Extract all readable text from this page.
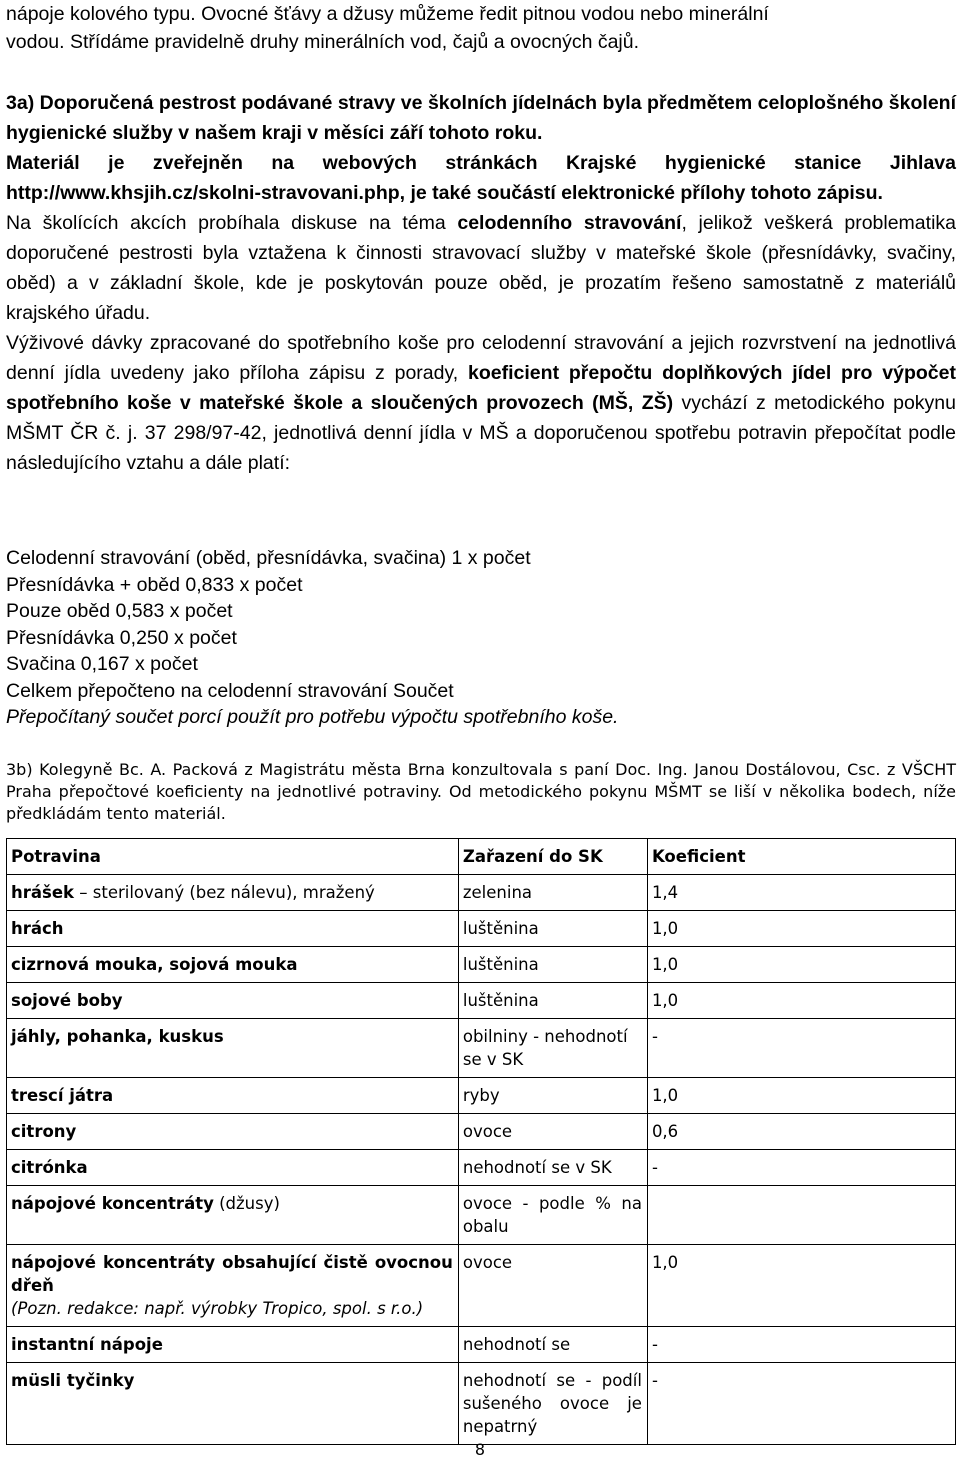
nápoje kolového typu. Ovocné šťávy a džusy můžeme ředit pitnou vodou nebo minerální

vodou. Střídáme pravidelně druhy minerálních vod, čajů a ovocných čajů.

3a) Doporučená pestrost podávané stravy ve školních jídelnách byla předmětem celoplošného školení hygienické služby v našem kraji v měsíci září tohoto roku.

Materiál je zveřejněn na webových stránkách Krajské hygienické stanice Jihlava http://www.khsjih.cz/skolni-stravovani.php, je také součástí elektronické přílohy tohoto zápisu.

Na školících akcích probíhala diskuse na téma celodenního stravování, jelikož veškerá problematika doporučené pestrosti byla vztažena k činnosti stravovací služby v mateřské škole (přesnídávky, svačiny, oběd) a v základní škole, kde je poskytován pouze oběd, je prozatím řešeno samostatně z materiálů krajského úřadu.

Výživové dávky zpracované do spotřebního koše pro celodenní stravování a jejich rozvrstvení na jednotlivá denní jídla uvedeny jako příloha zápisu z porady, koeficient přepočtu doplňkových jídel pro výpočet spotřebního koše v mateřské škole a sloučených provozech (MŠ, ZŠ) vychází z metodického pokynu MŠMT ČR č. j. 37 298/97-42, jednotlivá denní jídla v MŠ a doporučenou spotřebu potravin přepočítat podle následujícího vztahu a dále platí:

Celodenní stravování (oběd, přesnídávka, svačina) 1 x počet

Přesnídávka + oběd 0,833 x počet

Pouze oběd 0,583 x počet

Přesnídávka 0,250 x počet

Svačina 0,167 x počet

Celkem přepočteno na celodenní stravování Součet

Přepočítaný součet porcí použít pro potřebu výpočtu spotřebního koše.

3b) Kolegyně Bc. A. Packová z Magistrátu města Brna konzultovala s paní Doc. Ing. Janou Dostálovou, Csc. z VŠCHT Praha přepočtové koeficienty na jednotlivé potraviny. Od metodického pokynu MŠMT se liší v několika bodech, níže předkládám tento materiál.

Potravina	Zařazení do SK	Koeficient
hrášek – sterilovaný (bez nálevu), mražený	zelenina	1,4
hrách	luštěnina	1,0
cizrnová mouka, sojová mouka	luštěnina	1,0
sojové boby	luštěnina	1,0
jáhly, pohanka, kuskus	obilniny - nehodnotí se v SK	-
trescí játra	ryby	1,0
citrony	ovoce	0,6
citrónka	nehodnotí se v SK	-
nápojové koncentráty (džusy)	ovoce - podle % na obalu	
nápojové koncentráty obsahující čistě ovocnou dřeň
(Pozn. redakce: např. výrobky Tropico, spol. s r.o.)	ovoce	1,0
instantní nápoje	nehodnotí se	-
müsli tyčinky	nehodnotí se - podíl sušeného ovoce je nepatrný	-
8
